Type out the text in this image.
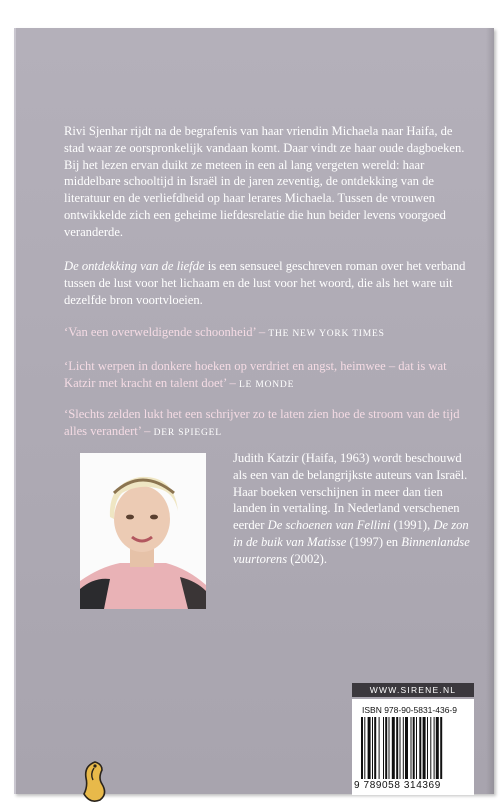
Rivi Sjenhar rijdt na de begrafenis van haar vriendin Michaela naar Haifa, de stad waar ze oorspronkelijk vandaan komt. Daar vindt ze haar oude dagboeken. Bij het lezen ervan duikt ze meteen in een al lang vergeten wereld: haar middelbare schooltijd in Israël in de jaren zeventig, de ontdekking van de literatuur en de verliefdheid op haar lerares Michaela. Tussen de vrouwen ontwikkelde zich een geheime liefdesrelatie die hun beider levens voorgoed veranderde.
De ontdekking van de liefde is een sensueel geschreven roman over het verband tussen de lust voor het lichaam en de lust voor het woord, die als het ware uit dezelfde bron voortvloeien.
‘Van een overweldigende schoonheid’ – THE NEW YORK TIMES
‘Licht werpen in donkere hoeken op verdriet en angst, heimwee – dat is wat Katzir met kracht en talent doet’ – LE MONDE
‘Slechts zelden lukt het een schrijver zo te laten zien hoe de stroom van de tijd alles verandert’ – DER SPIEGEL
Judith Katzir (Haifa, 1963) wordt beschouwd als een van de belangrijkste auteurs van Israël. Haar boeken verschijnen in meer dan tien landen in vertaling. In Nederland verschenen eerder De schoenen van Fellini (1991), De zon in de buik van Matisse (1997) en Binnenlandse vuurtorens (2002).
WWW.SIRENE.NL
ISBN 978-90-5831-436-9
9 789058 314369
